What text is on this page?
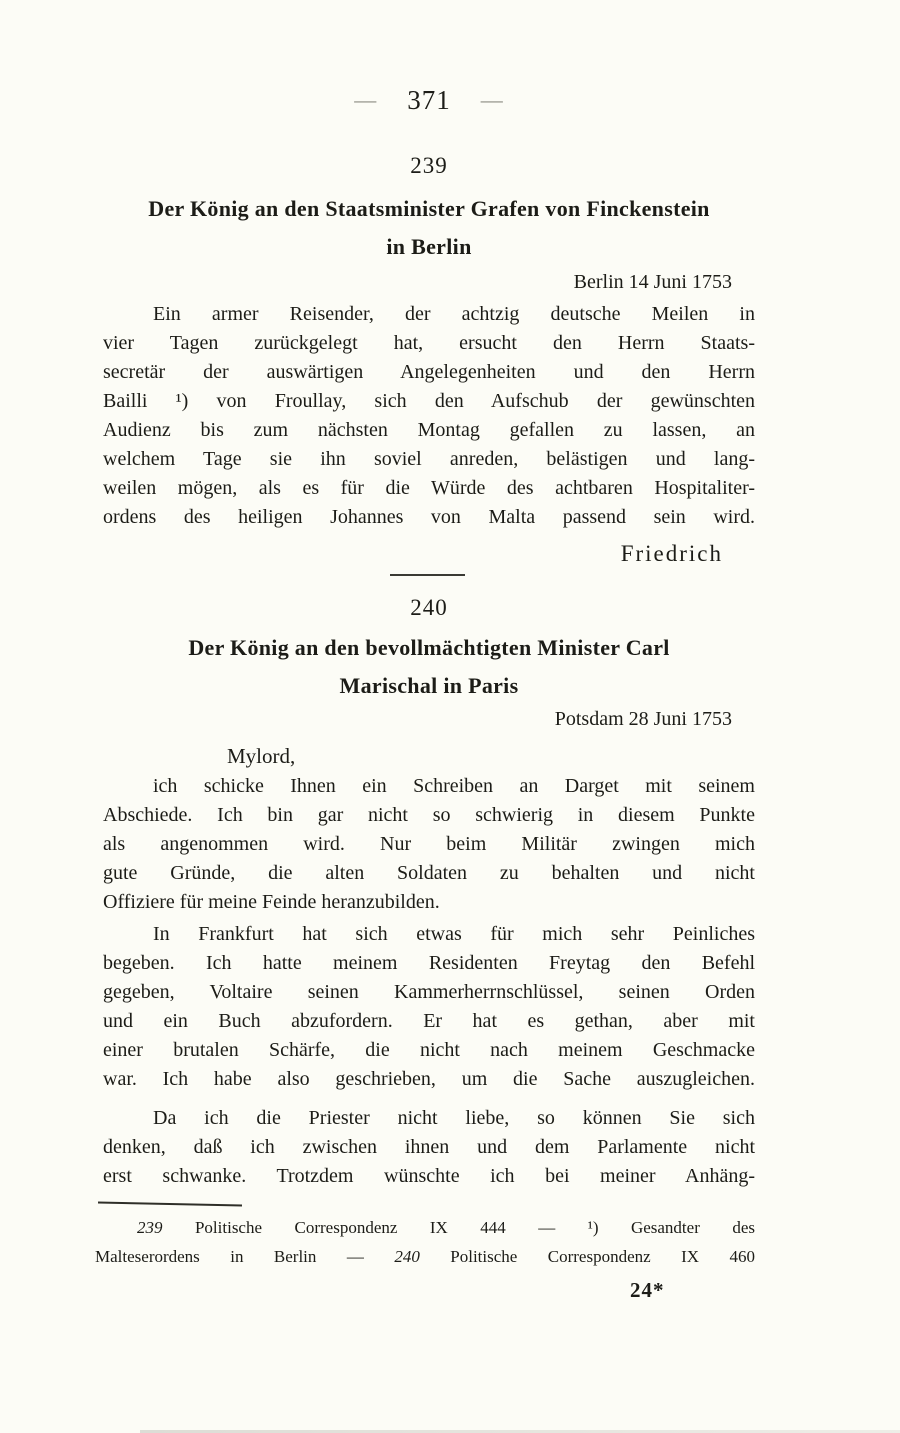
— 371 —
239
Der König an den Staatsminister Grafen von Finckenstein
in Berlin
Berlin 14 Juni 1753
Ein armer Reisender, der achtzig deutsche Meilen in
vier Tagen zurückgelegt hat, ersucht den Herrn Staats-
secretär der auswärtigen Angelegenheiten und den Herrn
Bailli ¹) von Froullay, sich den Aufschub der gewünschten
Audienz bis zum nächsten Montag gefallen zu lassen, an
welchem Tage sie ihn soviel anreden, belästigen und lang-
weilen mögen, als es für die Würde des achtbaren Hospitaliter-
ordens des heiligen Johannes von Malta passend sein wird.
Friedrich
240
Der König an den bevollmächtigten Minister Carl
Marischal in Paris
Potsdam 28 Juni 1753
Mylord,
ich schicke Ihnen ein Schreiben an Darget mit seinem
Abschiede. Ich bin gar nicht so schwierig in diesem Punkte
als angenommen wird. Nur beim Militär zwingen mich
gute Gründe, die alten Soldaten zu behalten und nicht
Offiziere für meine Feinde heranzubilden.
In Frankfurt hat sich etwas für mich sehr Peinliches
begeben. Ich hatte meinem Residenten Freytag den Befehl
gegeben, Voltaire seinen Kammerherrnschlüssel, seinen Orden
und ein Buch abzufordern. Er hat es gethan, aber mit
einer brutalen Schärfe, die nicht nach meinem Geschmacke
war. Ich habe also geschrieben, um die Sache auszugleichen.
Da ich die Priester nicht liebe, so können Sie sich
denken, daß ich zwischen ihnen und dem Parlamente nicht
erst schwanke. Trotzdem wünschte ich bei meiner Anhäng-
239 Politische Correspondenz IX 444 — ¹) Gesandter des
Malteserordens in Berlin — 240 Politische Correspondenz IX 460
24*
